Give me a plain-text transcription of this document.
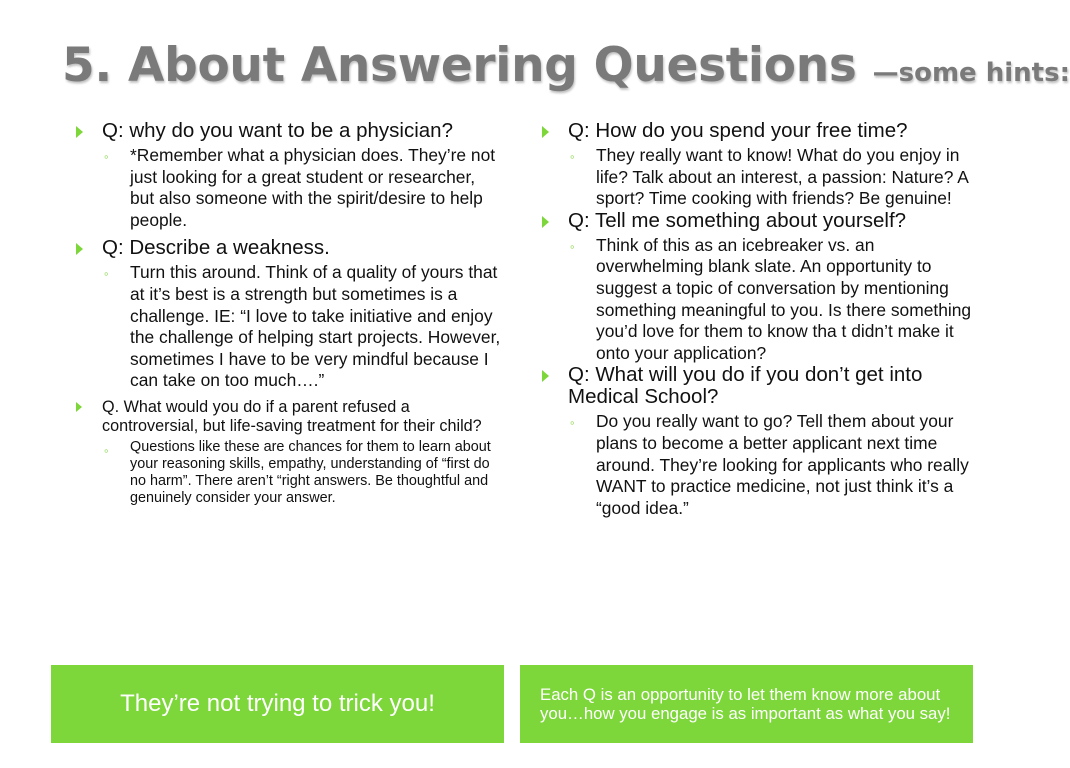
5. About Answering Questions —some hints:
Q: why do you want to be a physician?
◦ *Remember what a physician does. They’re not just looking for a great student or researcher, but also someone with the spirit/desire to help people.
Q: Describe a weakness.
◦ Turn this around. Think of a quality of yours that at it’s best is a strength but sometimes is a challenge. IE: “I love to take initiative and enjoy the challenge of helping start projects. However, sometimes I have to be very mindful because I can take on too much….”
Q. What would you do if a parent refused a controversial, but life-saving treatment for their child?
◦ Questions like these are chances for them to learn about your reasoning skills, empathy, understanding of “first do no harm”. There aren’t “right answers. Be thoughtful and genuinely consider your answer.
Q: How do you spend your free time?
◦ They really want to know! What do you enjoy in life? Talk about an interest, a passion: Nature? A sport? Time cooking with friends? Be genuine!
Q: Tell me something about yourself?
◦ Think of this as an icebreaker vs. an overwhelming blank slate. An opportunity to suggest a topic of conversation by mentioning something meaningful to you. Is there something you’d love for them to know tha t didn’t make it onto your application?
Q: What will you do if you don’t get into Medical School?
◦ Do you really want to go? Tell them about your plans to become a better applicant next time around. They’re looking for applicants who really WANT to practice medicine, not just think it’s a “good idea.”
They’re not trying to trick you!	Each Q is an opportunity to let them know more about you…how you engage is as important as what you say!
